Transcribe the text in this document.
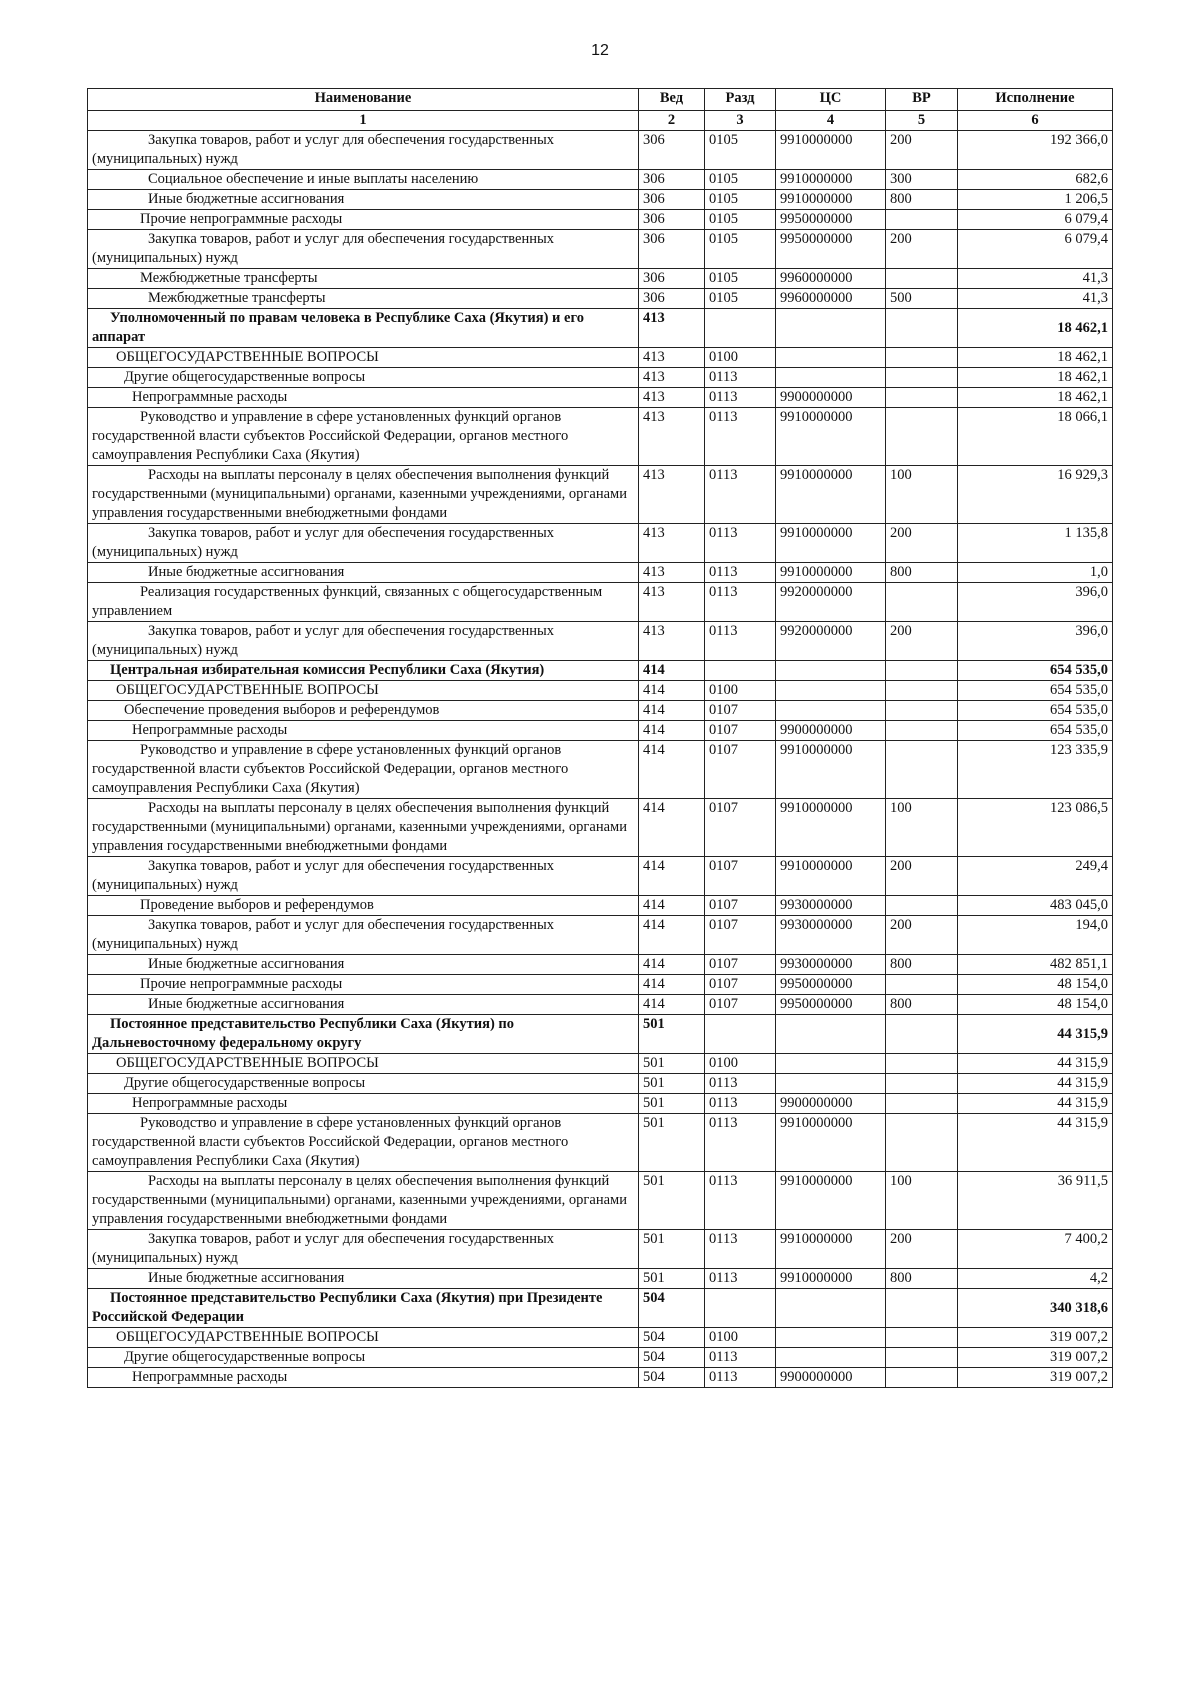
12
Наименование	Вед	Разд	ЦС	ВР	Исполнение
1	2	3	4	5	6

Закупка товаров, работ и услуг для обеспечения государственных (муниципальных) нужд	306	0105	9910000000	200	192 366,0

Социальное обеспечение и иные выплаты населению	306	0105	9910000000	300	682,6

Иные бюджетные ассигнования	306	0105	9910000000	800	1 206,5

Прочие непрограммные расходы	306	0105	9950000000		6 079,4

Закупка товаров, работ и услуг для обеспечения государственных (муниципальных) нужд	306	0105	9950000000	200	6 079,4

Межбюджетные трансферты	306	0105	9960000000		41,3

Межбюджетные трансферты	306	0105	9960000000	500	41,3

Уполномоченный по правам человека в Республике Саха (Якутия) и его аппарат	413				18 462,1

ОБЩЕГОСУДАРСТВЕННЫЕ ВОПРОСЫ	413	0100			18 462,1

Другие общегосударственные вопросы	413	0113			18 462,1

Непрограммные расходы	413	0113	9900000000		18 462,1

Руководство и управление в сфере установленных функций органов государственной власти субъектов Российской Федерации, органов местного самоуправления Республики Саха (Якутия)	413	0113	9910000000		18 066,1

Расходы на выплаты персоналу в целях обеспечения выполнения функций государственными (муниципальными) органами, казенными учреждениями, органами управления государственными внебюджетными фондами	413	0113	9910000000	100	16 929,3

Закупка товаров, работ и услуг для обеспечения государственных (муниципальных) нужд	413	0113	9910000000	200	1 135,8

Иные бюджетные ассигнования	413	0113	9910000000	800	1,0

Реализация государственных функций, связанных с общегосударственным управлением	413	0113	9920000000		396,0

Закупка товаров, работ и услуг для обеспечения государственных (муниципальных) нужд	413	0113	9920000000	200	396,0

Центральная избирательная комиссия Республики Саха (Якутия)	414				654 535,0

ОБЩЕГОСУДАРСТВЕННЫЕ ВОПРОСЫ	414	0100			654 535,0

Обеспечение проведения выборов и референдумов	414	0107			654 535,0

Непрограммные расходы	414	0107	9900000000		654 535,0

Руководство и управление в сфере установленных функций органов государственной власти субъектов Российской Федерации, органов местного самоуправления Республики Саха (Якутия)	414	0107	9910000000		123 335,9

Расходы на выплаты персоналу в целях обеспечения выполнения функций государственными (муниципальными) органами, казенными учреждениями, органами управления государственными внебюджетными фондами	414	0107	9910000000	100	123 086,5

Закупка товаров, работ и услуг для обеспечения государственных (муниципальных) нужд	414	0107	9910000000	200	249,4

Проведение выборов и референдумов	414	0107	9930000000		483 045,0

Закупка товаров, работ и услуг для обеспечения государственных (муниципальных) нужд	414	0107	9930000000	200	194,0

Иные бюджетные ассигнования	414	0107	9930000000	800	482 851,1

Прочие непрограммные расходы	414	0107	9950000000		48 154,0

Иные бюджетные ассигнования	414	0107	9950000000	800	48 154,0

Постоянное представительство Республики Саха (Якутия) по Дальневосточному федеральному округу	501				44 315,9

ОБЩЕГОСУДАРСТВЕННЫЕ ВОПРОСЫ	501	0100			44 315,9

Другие общегосударственные вопросы	501	0113			44 315,9

Непрограммные расходы	501	0113	9900000000		44 315,9

Руководство и управление в сфере установленных функций органов государственной власти субъектов Российской Федерации, органов местного самоуправления Республики Саха (Якутия)	501	0113	9910000000		44 315,9

Расходы на выплаты персоналу в целях обеспечения выполнения функций государственными (муниципальными) органами, казенными учреждениями, органами управления государственными внебюджетными фондами	501	0113	9910000000	100	36 911,5

Закупка товаров, работ и услуг для обеспечения государственных (муниципальных) нужд	501	0113	9910000000	200	7 400,2

Иные бюджетные ассигнования	501	0113	9910000000	800	4,2

Постоянное представительство Республики Саха (Якутия) при Президенте Российской Федерации	504				340 318,6

ОБЩЕГОСУДАРСТВЕННЫЕ ВОПРОСЫ	504	0100			319 007,2

Другие общегосударственные вопросы	504	0113			319 007,2

Непрограммные расходы	504	0113	9900000000		319 007,2
